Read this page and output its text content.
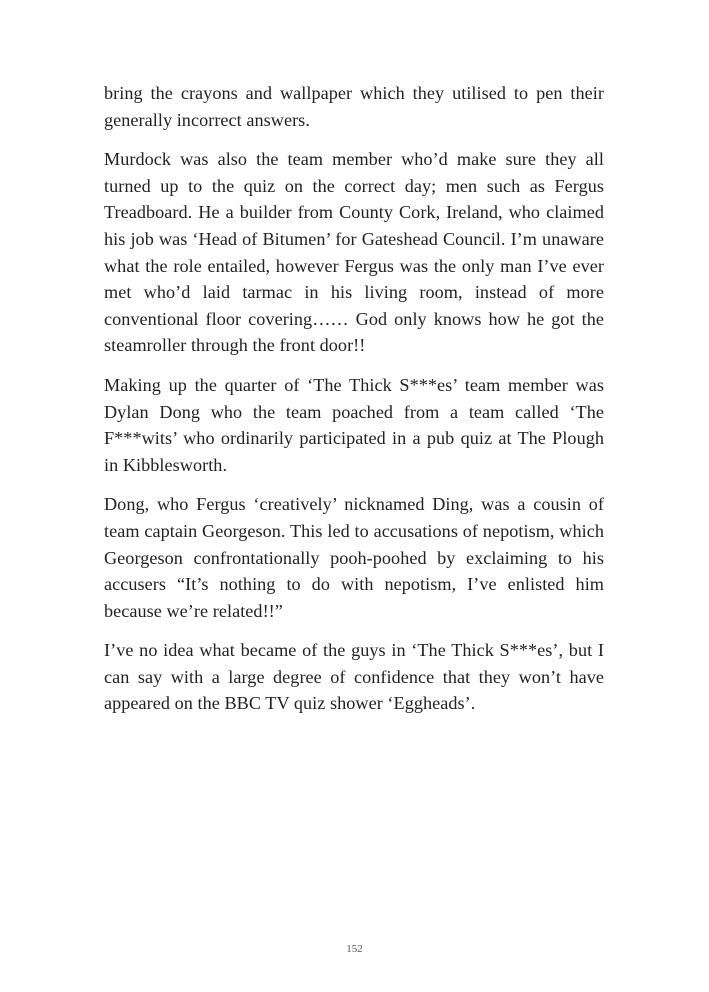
bring the crayons and wallpaper which they utilised to pen their generally incorrect answers.

Murdock was also the team member who’d make sure they all turned up to the quiz on the correct day; men such as Fergus Treadboard. He a builder from County Cork, Ireland, who claimed his job was ‘Head of Bitumen’ for Gateshead Council. I’m unaware what the role entailed, however Fergus was the only man I’ve ever met who’d laid tarmac in his living room, instead of more conventional floor covering…… God only knows how he got the steamroller through the front door!!

Making up the quarter of ‘The Thick S***es’ team member was Dylan Dong who the team poached from a team called ‘The F***wits’ who ordinarily participated in a pub quiz at The Plough in Kibblesworth.

Dong, who Fergus ‘creatively’ nicknamed Ding, was a cousin of team captain Georgeson. This led to accusations of nepotism, which Georgeson confrontationally pooh-poohed by exclaiming to his accusers “It’s nothing to do with nepotism, I’ve enlisted him because we’re related!!”

I’ve no idea what became of the guys in ‘The Thick S***es’, but I can say with a large degree of confidence that they won’t have appeared on the BBC TV quiz shower ‘Eggheads’.

152
